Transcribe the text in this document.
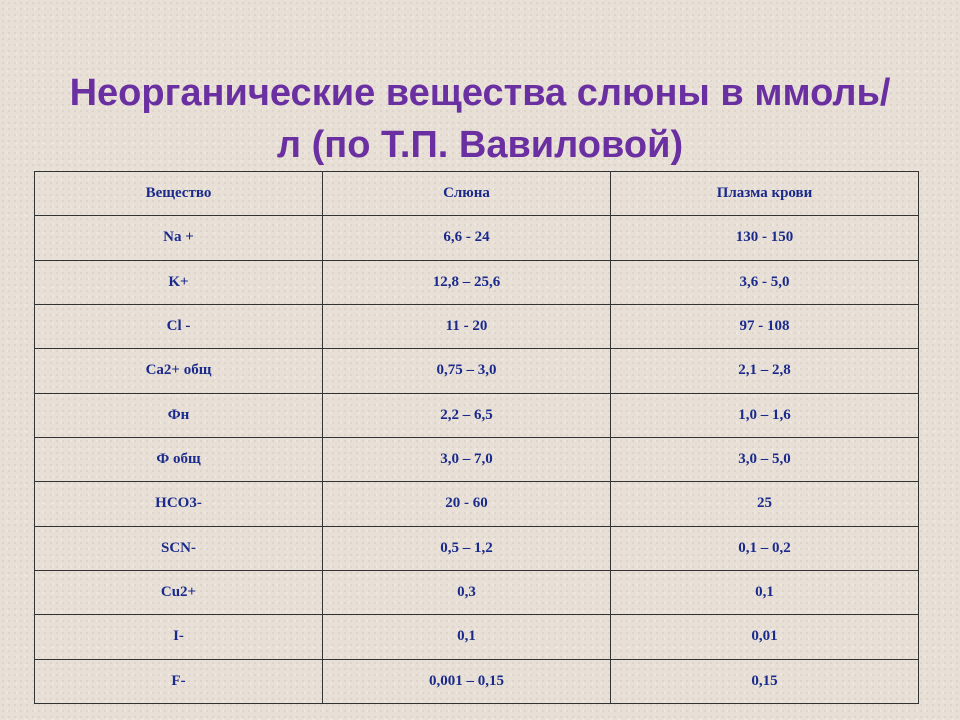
Неорганические вещества слюны в ммоль/
л (по Т.П. Вавиловой)
Вещество	Слюна	Плазма крови
Na +	6,6 - 24	130 - 150
K+	12,8 – 25,6	3,6 - 5,0
Cl -	11 - 20	97 - 108
Ca2+ общ	0,75 – 3,0	2,1 – 2,8
Фн	2,2 – 6,5	1,0 – 1,6
Ф общ	3,0 – 7,0	3,0 – 5,0
HCO3-	20 - 60	25
SCN-	0,5 – 1,2	0,1 – 0,2
Cu2+	0,3	0,1
I-	0,1	0,01
F-	0,001 – 0,15	0,15
